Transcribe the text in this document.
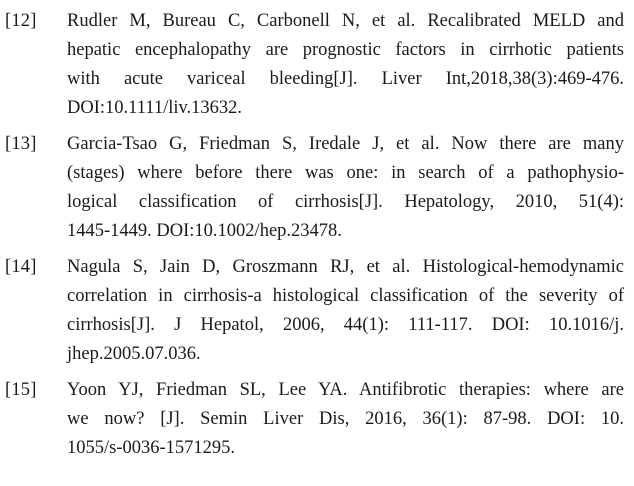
[12]	Rudler M, Bureau C, Carbonell N, et al. Recalibrated MELD and
hepatic encephalopathy are prognostic factors in cirrhotic patients
with acute variceal bleeding[J]. Liver Int,2018,38(3):469-476.
DOI:10.1111/liv.13632.
[13]	Garcia-Tsao G, Friedman S, Iredale J, et al. Now there are many
(stages) where before there was one: in search of a pathophysio-
logical classification of cirrhosis[J]. Hepatology, 2010, 51(4):
1445-1449. DOI:10.1002/hep.23478.
[14]	Nagula S, Jain D, Groszmann RJ, et al. Histological-hemodynamic
correlation in cirrhosis-a histological classification of the severity of
cirrhosis[J]. J Hepatol, 2006, 44(1): 111-117. DOI: 10.1016/j.
jhep.2005.07.036.
[15]	Yoon YJ, Friedman SL, Lee YA. Antifibrotic therapies: where are
we now? [J]. Semin Liver Dis, 2016, 36(1): 87-98. DOI: 10.
1055/s-0036-1571295.
